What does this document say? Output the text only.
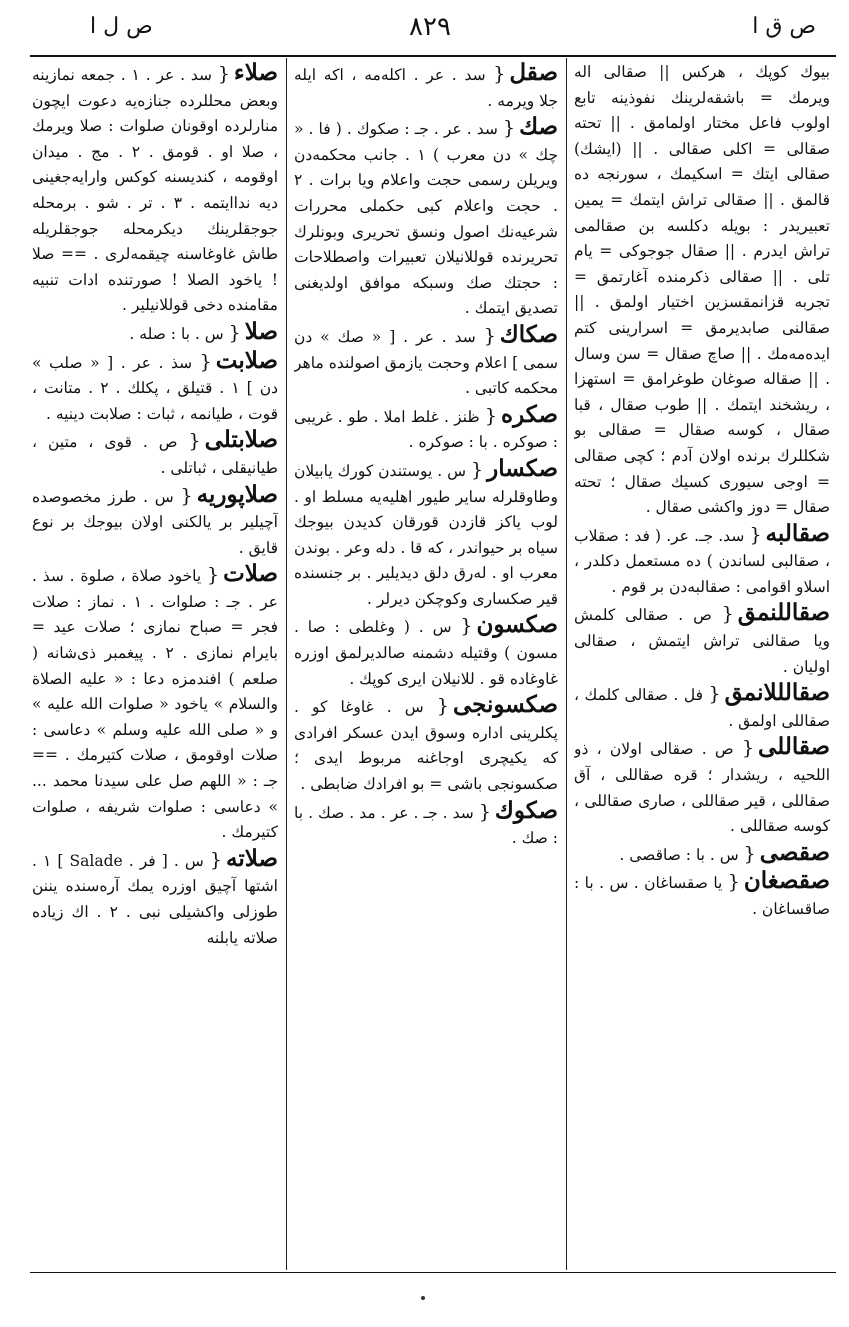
ص ق ا
٨٢٩
ص ل ا

بيوك كوپك ، هركس || صقالى اله ويرمك = باشقه‌لرينك نفوذينه تابع اولوب فاعل مختار اولمامق . || تحته صقالى = اكلى صقالى . || (ايشك) صقالى ايتك = اسكيمك ، سورنجه ده قالمق . || صقالى تراش ايتمك = يمين تعبيريدر : بويله دكلسه بن صقالمى تراش ايدرم . || صقال جوجوكى = يام تلى . || صقالى ذكرمنده آغارتمق = تجربه قزانمقسزين اختيار اولمق . || صقالنى صابديرمق = اسرارينى كتم ايده‌مه‌مك . || صاچ صقال = سن وسال . || صقاله صوغان طوغرامق = استهزا ، ريشخند ايتمك . || طوب صقال ، قبا صقال ، كوسه صقال = صقالى بو شكللرك برنده اولان آدم ؛ كچى صقالى = اوجى سيورى كسيك صقال ؛ تحته صقال = دوز واكشى صقال .

صقالبه{ سد. جـ. عر. ( فد : صقلاب ، صقالبى لساندن ) ده مستعمل دكلدر ، اسلاو اقوامى : صقالبه‌دن بر قوم .

صقاللنمق{ ص . صقالى كلمش ويا صقالنى تراش ايتمش ، صقالى اوليان .

صقالللانمق{ فل . صقالى كلمك ، صقاللى اولمق .

صقاللى{ ص . صقالى اولان ، ذو اللحيه ، ريشدار ؛ قره صقاللى ، آق صقاللى ، قير صقاللى ، صارى صقاللى ، كوسه صقاللى .

صقصى{ س . با : صاقصى .

صقصغان{ يا صقساغان . س . با : صاقساغان .

صقل{ سد . عر . اكله‌مه ، اكه ايله جلا ويرمه .

صك{ سد . عر . جـ : صكوك . ( فا . « چك » دن معرب ) ١ . جانب محكمه‌دن ويريلن رسمى حجت واعلام ويا برات . ٢ . حجت واعلام كبى حكملى محررات شرعيه‌نك اصول ونسق تحريرى وبونلرك تحريرنده قوللانيلان تعبيرات واصطلاحات : حجتك صك وسبكه موافق اولديغنى تصديق ايتمك .

صكاك{ سد . عر . [ « صك » دن سمى ] اعلام وحجت يازمق اصولنده ماهر محكمه كاتبى .

صكره{ ظنز . غلط املا . طو . غريبى : صوكره . با : صوكره .

صكسار{ س . يوستندن كورك يابيلان وطاوقلرله ساير طيور اهليه‌يه مسلط او . لوب ياكز قازدن قورقان كديدن بيوجك سياه بر حيواندر ، كه قا . دله وعر . بوندن معرب او . له‌رق دلق ديديلير . بر جنسنده قير صكسارى وكوچكن ديرلر .

صكسون{ س . ( وغلطى : صا . مسون ) وقتيله دشمنه صالديرلمق اوزره غاوغاده قو . للانيلان ايرى كوپك .

صكسونجى{ س . غاوغا كو . پكلرينى اداره وسوق ايدن عسكر افرادى كه يكيچرى اوجاغنه مربوط ايدى ؛ صكسونجى باشى = بو افرادك ضابطى .

صكوك{ سد . جـ . عر . مد . صك . با : صك .

صلاء{ سد . عر . ١ . جمعه نمازينه وبعض محللرده جنازه‌يه دعوت ايچون منارلرده اوقونان صلوات : صلا ويرمك ، صلا او . قومق . ٢ . مج . ميدان اوقومه ، كنديسنه كوكس وارايه‌جغينى ديه نداايتمه . ٣ . تر . شو . برمحله جوجقلرينك ديكرمحله جوجقلريله طاش غاوغاسنه چيقمه‌لرى . == صلا ! ياخود الصلا ! صورتنده ادات تنبيه مقامنده دخى قوللانيلير .

صلا{ س . با : صله .

صلابت{ سذ . عر . [ « صلب » دن ] ١ . قتيلق ، پكلك . ٢ . متانت ، قوت ، طيانمه ، ثبات : صلابت دينيه .

صلابتلى{ ص . قوى ، متين ، طيانيقلى ، ثباتلى .

صلاپوريه{ س . طرز مخصوصده آچيلير بر يالكنى اولان بيوجك بر نوع قايق .

صلات{ ياخود صلاة ، صلوة . سذ . عر . جـ : صلوات . ١ . نماز : صلات فجر = صباح نمازى ؛ صلات عيد = بايرام نمازى . ٢ . پيغمبر ذى‌شانه ( صلعم ) افندمزه دعا : « عليه الصلاة والسلام » ياخود « صلوات الله عليه » و « صلى الله عليه وسلم » دعاسى : صلات اوقومق ، صلات كتيرمك . == جـ : « اللهم صل على سيدنا محمد ... » دعاسى : صلوات شريفه ، صلوات كتيرمك .

صلاته{ س . [ فر . Salade ] ١ . اشتها آچيق اوزره يمك آره‌سنده يننن طوزلى واكشيلى نبى . ٢ . اك زياده صلاته يابلنه
